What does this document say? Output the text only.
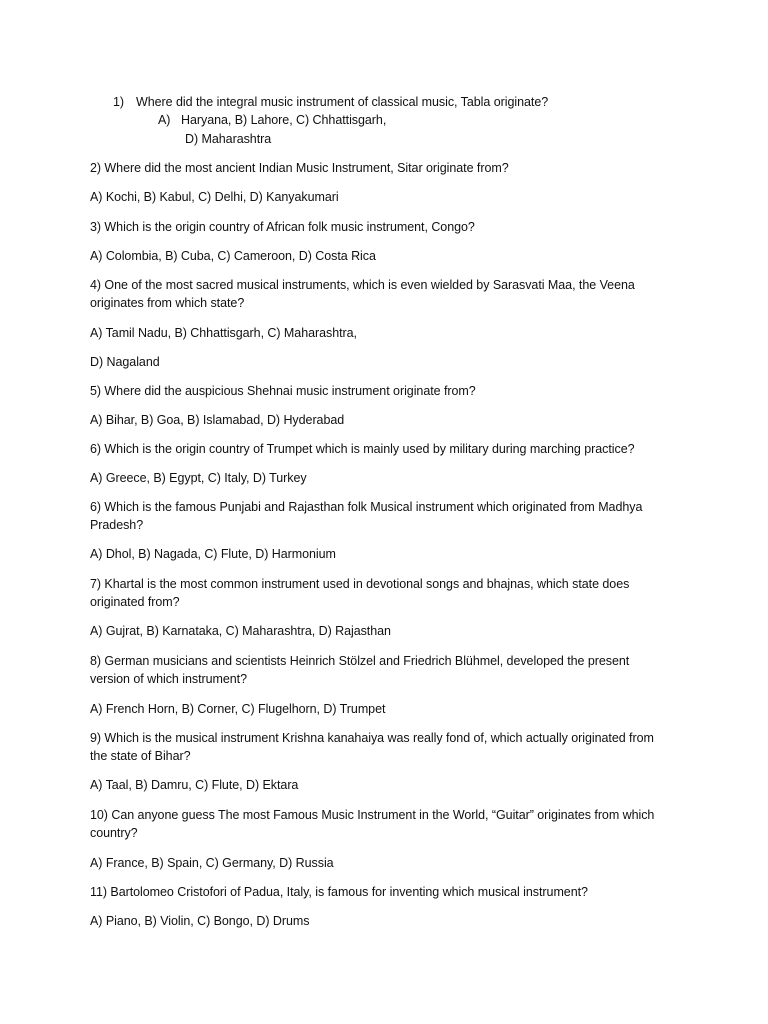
1) Where did the integral music instrument of classical music, Tabla originate?
A) Haryana, B) Lahore, C) Chhattisgarh,
D) Maharashtra
2) Where did the most ancient Indian Music Instrument, Sitar originate from?
A) Kochi, B) Kabul, C) Delhi, D) Kanyakumari
3) Which is the origin country of African folk music instrument, Congo?
A) Colombia, B) Cuba, C) Cameroon, D) Costa Rica
4) One of the most sacred musical instruments, which is even wielded by Sarasvati Maa, the Veena
originates from which state?
A) Tamil Nadu, B) Chhattisgarh, C) Maharashtra,
D) Nagaland
5) Where did the auspicious Shehnai music instrument originate from?
A) Bihar, B) Goa, B) Islamabad, D) Hyderabad
6) Which is the origin country of Trumpet which is mainly used by military during marching practice?
A) Greece, B) Egypt, C) Italy, D) Turkey
6) Which is the famous Punjabi and Rajasthan folk Musical instrument which originated from Madhya
Pradesh?
A) Dhol, B) Nagada, C) Flute, D) Harmonium
7) Khartal is the most common instrument used in devotional songs and bhajnas, which state does
originated from?
A) Gujrat, B) Karnataka, C) Maharashtra, D) Rajasthan
8) German musicians and scientists Heinrich Stölzel and Friedrich Blühmel, developed the present
version of which instrument?
A) French Horn, B) Corner, C) Flugelhorn, D) Trumpet
9) Which is the musical instrument Krishna kanahaiya was really fond of, which actually originated from
the state of Bihar?
A) Taal, B) Damru, C) Flute, D) Ektara
10) Can anyone guess The most Famous Music Instrument in the World, “Guitar” originates from which
country?
A) France, B) Spain, C) Germany, D) Russia
11) Bartolomeo Cristofori of Padua, Italy, is famous for inventing which musical instrument?
A) Piano, B) Violin, C) Bongo, D) Drums
